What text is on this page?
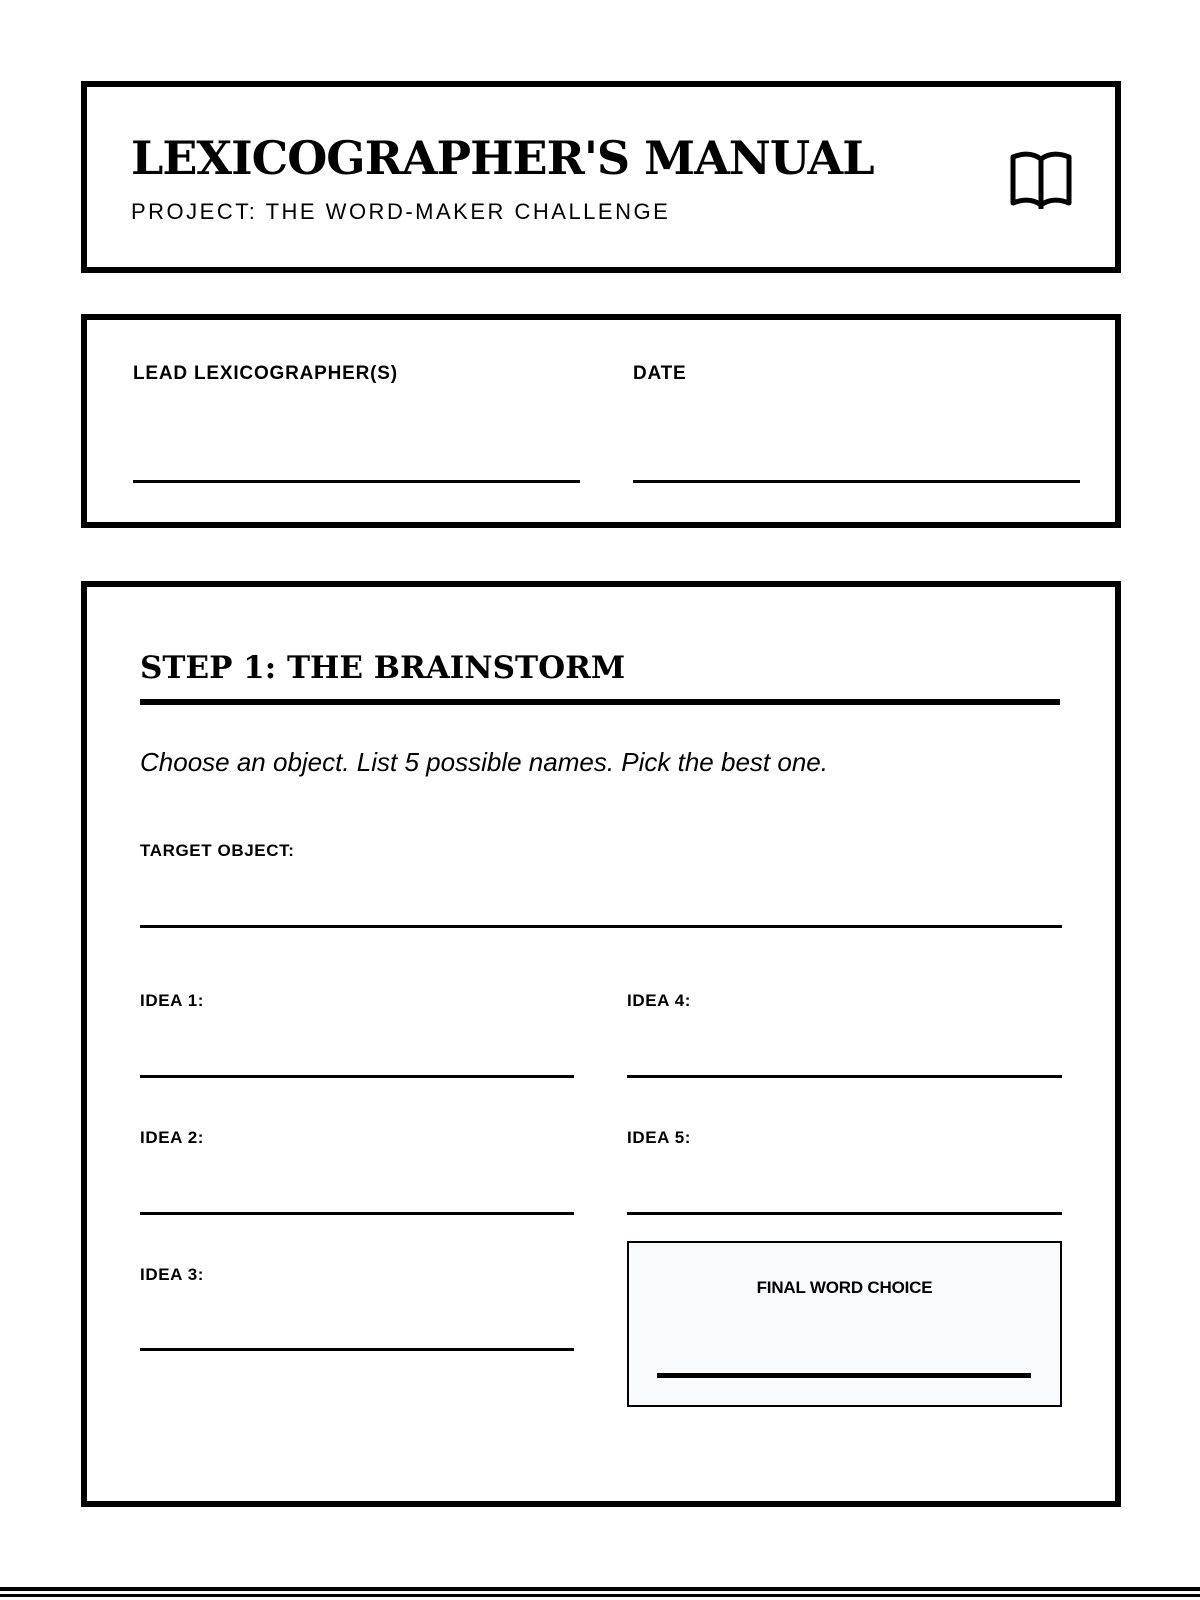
LEXICOGRAPHER'S MANUAL
PROJECT: THE WORD-MAKER CHALLENGE
LEAD LEXICOGRAPHER(S)	DATE
STEP 1: THE BRAINSTORM
Choose an object. List 5 possible names. Pick the best one.
TARGET OBJECT:
IDEA 1:
IDEA 2:
IDEA 3:
IDEA 4:
IDEA 5:
FINAL WORD CHOICE
